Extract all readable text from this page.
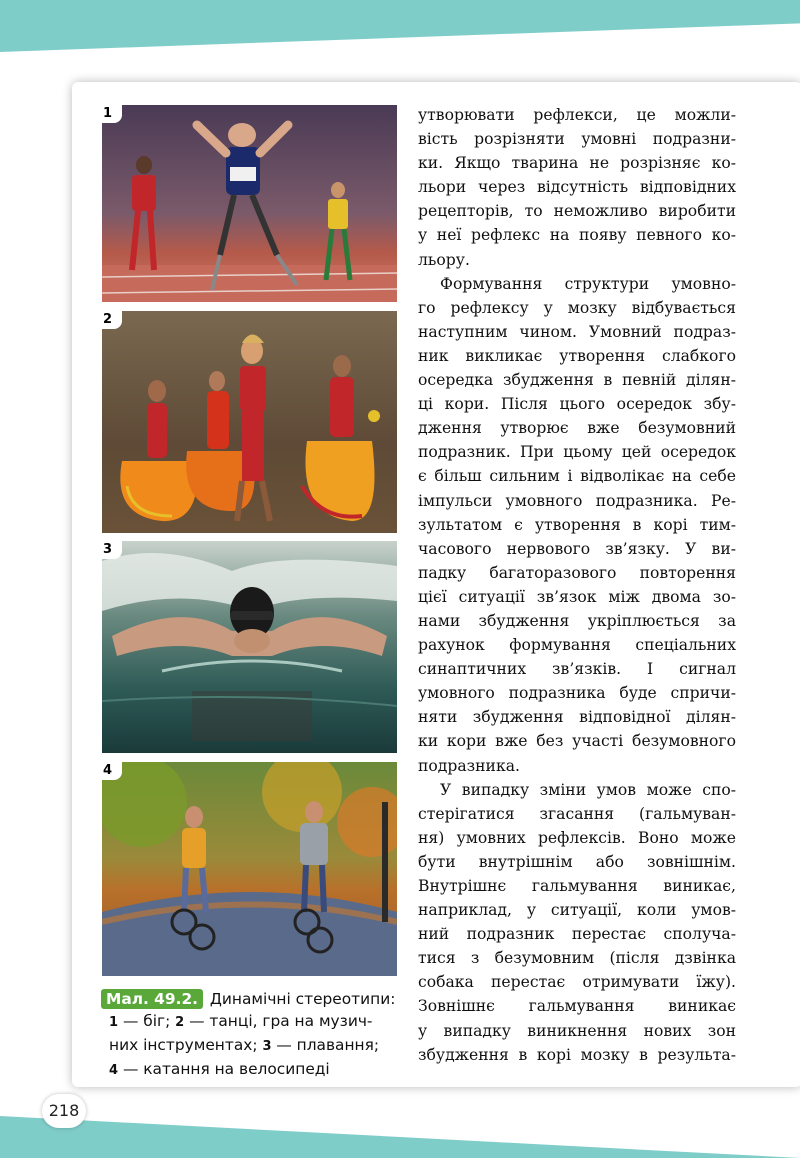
1
2
3
4
Мал. 49.2. Динамічні стереотипи:
1 — біг; 2 — танці, гра на музич-
них інструментах; 3 — плавання;
4 — катання на велосипеді
утворювати рефлекси, це можли-
вість розрізняти умовні подразни-
ки. Якщо тварина не розрізняє ко-
льори через відсутність відповідних
рецепторів, то неможливо виробити
у неї рефлекс на появу певного ко-
льору.
Формування структури умовно-
го рефлексу у мозку відбувається
наступним чином. Умовний подраз-
ник викликає утворення слабкого
осередка збудження в певній ділян-
ці кори. Після цього осередок збу-
дження утворює вже безумовний
подразник. При цьому цей осередок
є більш сильним і відволікає на себе
імпульси умовного подразника. Ре-
зультатом є утворення в корі тим-
часового нервового зв’язку. У ви-
падку багаторазового повторення
цієї ситуації зв’язок між двома зо-
нами збудження укріплюється за
рахунок формування спеціальних
синаптичних зв’язків. І сигнал
умовного подразника буде спричи-
няти збудження відповідної ділян-
ки кори вже без участі безумовного
подразника.
У випадку зміни умов може спо-
стерігатися згасання (гальмуван-
ня) умовних рефлексів. Воно може
бути внутрішнім або зовнішнім.
Внутрішнє гальмування виникає,
наприклад, у ситуації, коли умов-
ний подразник перестає сполуча-
тися з безумовним (після дзвінка
собака перестає отримувати їжу).
Зовнішнє гальмування виникає
у випадку виникнення нових зон
збудження в корі мозку в результа-
218
